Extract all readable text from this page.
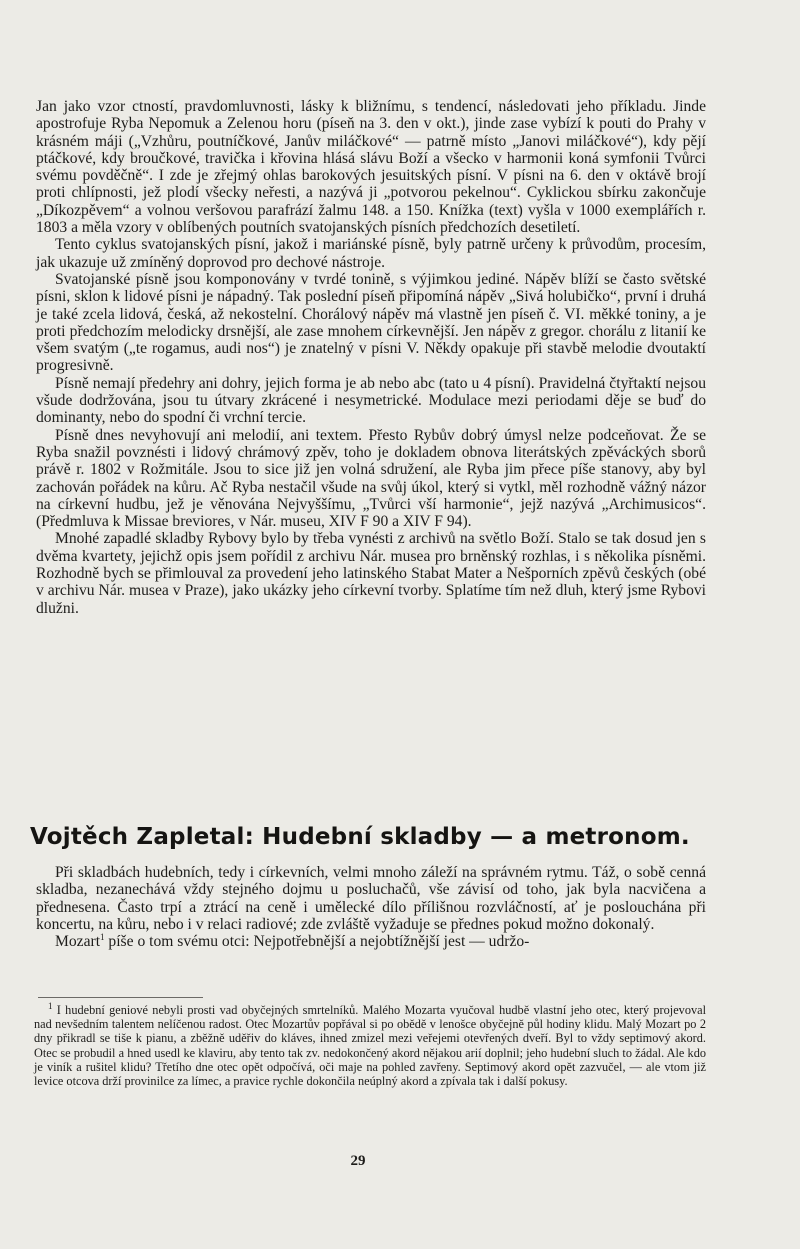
Jan jako vzor ctností, pravdomluvnosti, lásky k bližnímu, s tendencí, následovati jeho příkladu. Jinde apostrofuje Ryba Nepomuk a Zelenou horu (píseň na 3. den v okt.), jinde zase vybízí k pouti do Prahy v krásném máji („Vzhůru, poutníčkové, Janův miláčkové“ — patrně místo „Janovi miláčkové“), kdy pějí ptáčkové, kdy broučkové, travička i křovina hlásá slávu Boží a všecko v harmonii koná symfonii Tvůrci svému povděčně“. I zde je zřejmý ohlas barokových jesuitských písní. V písni na 6. den v oktávě brojí proti chlípnosti, jež plodí všecky neřesti, a nazývá ji „potvorou pekelnou“. Cyklickou sbírku zakončuje „Díkozpěvem“ a volnou veršovou parafrází žalmu 148. a 150. Knížka (text) vyšla v 1000 exemplářích r. 1803 a měla vzory v oblíbených poutních svatojanských písních předchozích desetiletí.

Tento cyklus svatojanských písní, jakož i mariánské písně, byly patrně určeny k průvodům, procesím, jak ukazuje už zmíněný doprovod pro dechové nástroje.

Svatojanské písně jsou komponovány v tvrdé tonině, s výjimkou jediné. Nápěv blíží se často světské písni, sklon k lidové písni je nápadný. Tak poslední píseň připomíná nápěv „Sivá holubičko“, první i druhá je také zcela lidová, česká, až nekostelní. Chorálový nápěv má vlastně jen píseň č. VI. měkké toniny, a je proti předchozím melodicky drsnější, ale zase mnohem církevnější. Jen nápěv z gregor. chorálu z litanií ke všem svatým („te rogamus, audi nos“) je znatelný v písni V. Někdy opakuje při stavbě melodie dvoutaktí progresivně.

Písně nemají předehry ani dohry, jejich forma je ab nebo abc (tato u 4 písní). Pravidelná čtyřtaktí nejsou všude dodržována, jsou tu útvary zkrácené i nesymetrické. Modulace mezi periodami děje se buď do dominanty, nebo do spodní či vrchní tercie.

Písně dnes nevyhovují ani melodií, ani textem. Přesto Rybův dobrý úmysl nelze podceňovat. Že se Ryba snažil povznésti i lidový chrámový zpěv, toho je dokladem obnova literátských zpěváckých sborů právě r. 1802 v Rožmitále. Jsou to sice již jen volná sdružení, ale Ryba jim přece píše stanovy, aby byl zachován pořádek na kůru. Ač Ryba nestačil všude na svůj úkol, který si vytkl, měl rozhodně vážný názor na církevní hudbu, jež je věnována Nejvyššímu, „Tvůrci vší harmonie“, jejž nazývá „Archimusicos“. (Předmluva k Missae breviores, v Nár. museu, XIV F 90 a XIV F 94).

Mnohé zapadlé skladby Rybovy bylo by třeba vynésti z archivů na světlo Boží. Stalo se tak dosud jen s dvěma kvartety, jejichž opis jsem pořídil z archivu Nár. musea pro brněnský rozhlas, i s několika písněmi. Rozhodně bych se přimlouval za provedení jeho latinského Stabat Mater a Nešporních zpěvů českých (obé v archivu Nár. musea v Praze), jako ukázky jeho církevní tvorby. Splatíme tím než dluh, který jsme Rybovi dlužni.

Vojtěch Zapletal: Hudební skladby — a metronom.

Při skladbách hudebních, tedy i církevních, velmi mnoho záleží na správném rytmu. Táž, o sobě cenná skladba, nezanechává vždy stejného dojmu u posluchačů, vše závisí od toho, jak byla nacvičena a přednesena. Často trpí a ztrácí na ceně i umělecké dílo přílišnou rozvláčností, ať je poslouchána při koncertu, na kůru, nebo i v relaci radiové; zde zvláště vyžaduje se přednes pokud možno dokonalý.

Mozart$^1$ píše o tom svému otci: Nejpotřebnější a nejobtížnější jest — udržo-

$^1$ I hudební geniové nebyli prosti vad obyčejných smrtelníků. Malého Mozarta vyučoval hudbě vlastní jeho otec, který projevoval nad nevšedním talentem nelíčenou radost. Otec Mozartův popřával si po obědě v lenošce obyčejně půl hodiny klidu. Malý Mozart po 2 dny přikradl se tiše k pianu, a zběžně uděřiv do kláves, ihned zmizel mezi veřejemi otevřených dveří. Byl to vždy septimový akord. Otec se probudil a hned usedl ke klaviru, aby tento tak zv. nedokončený akord nějakou arií doplnil; jeho hudební sluch to žádal. Ale kdo je viník a rušitel klidu? Třetího dne otec opět odpočívá, oči maje na pohled zavřeny. Septimový akord opět zazvučel, — ale vtom již levice otcova drží provinilce za límec, a pravice rychle dokončila neúplný akord a zpívala tak i další pokusy.

29
